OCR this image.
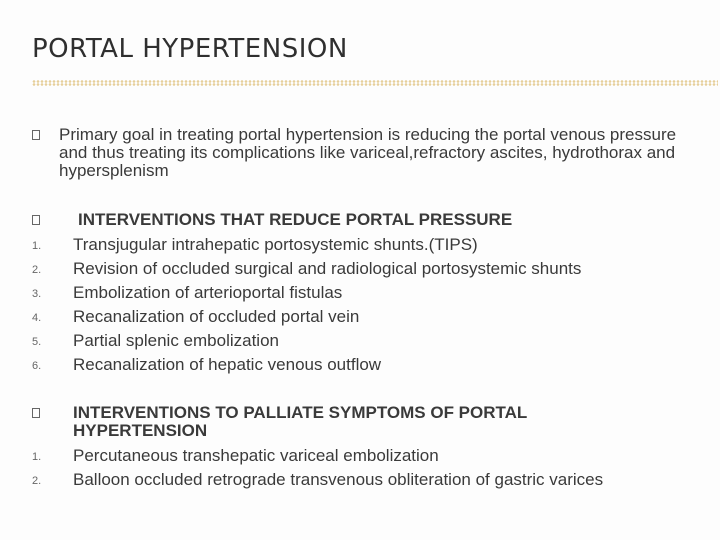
PORTAL HYPERTENSION
Primary goal in treating portal hypertension is reducing the portal venous pressure and thus treating its complications like variceal,refractory ascites, hydrothorax and hypersplenism
INTERVENTIONS THAT REDUCE PORTAL PRESSURE
1. Transjugular intrahepatic portosystemic shunts.(TIPS)
2. Revision of occluded surgical and radiological portosystemic shunts
3. Embolization of arterioportal fistulas
4. Recanalization of occluded portal vein
5. Partial splenic embolization
6. Recanalization of hepatic venous outflow
INTERVENTIONS TO PALLIATE SYMPTOMS OF PORTAL HYPERTENSION
1. Percutaneous transhepatic variceal embolization
2. Balloon occluded retrograde transvenous obliteration of gastric varices
